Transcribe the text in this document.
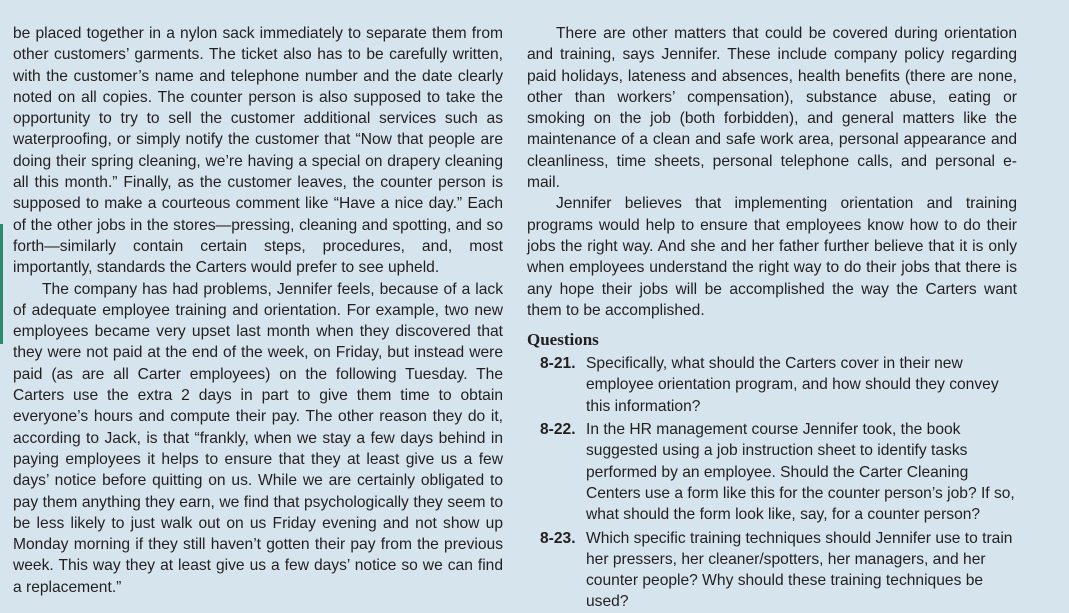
be placed together in a nylon sack immediately to separate them from other customers’ garments. The ticket also has to be carefully written, with the customer’s name and telephone number and the date clearly noted on all copies. The counter person is also supposed to take the opportunity to try to sell the customer additional services such as waterproofing, or simply notify the customer that “Now that people are doing their spring cleaning, we’re having a special on drapery cleaning all this month.” Finally, as the customer leaves, the counter person is supposed to make a courteous comment like “Have a nice day.” Each of the other jobs in the stores—pressing, cleaning and spotting, and so forth—similarly contain certain steps, procedures, and, most importantly, standards the Carters would prefer to see upheld.

The company has had problems, Jennifer feels, because of a lack of adequate employee training and orientation. For example, two new employees became very upset last month when they discovered that they were not paid at the end of the week, on Friday, but instead were paid (as are all Carter employees) on the following Tuesday. The Carters use the extra 2 days in part to give them time to obtain everyone’s hours and compute their pay. The other reason they do it, according to Jack, is that “frankly, when we stay a few days behind in paying employees it helps to ensure that they at least give us a few days’ notice before quitting on us. While we are certainly obligated to pay them anything they earn, we find that psychologically they seem to be less likely to just walk out on us Friday evening and not show up Monday morning if they still haven’t gotten their pay from the previous week. This way they at least give us a few days’ notice so we can find a replacement.”

There are other matters that could be covered during orientation and training, says Jennifer. These include company policy regarding paid holidays, lateness and absences, health benefits (there are none, other than workers’ compensation), substance abuse, eating or smoking on the job (both forbidden), and general matters like the maintenance of a clean and safe work area, personal appearance and cleanliness, time sheets, personal telephone calls, and personal e-mail.

Jennifer believes that implementing orientation and training programs would help to ensure that employees know how to do their jobs the right way. And she and her father further believe that it is only when employees understand the right way to do their jobs that there is any hope their jobs will be accomplished the way the Carters want them to be accomplished.

Questions
8-21. Specifically, what should the Carters cover in their new employee orientation program, and how should they convey this information?
8-22. In the HR management course Jennifer took, the book suggested using a job instruction sheet to identify tasks performed by an employee. Should the Carter Cleaning Centers use a form like this for the counter person’s job? If so, what should the form look like, say, for a counter person?
8-23. Which specific training techniques should Jennifer use to train her pressers, her cleaner/spotters, her managers, and her counter people? Why should these training techniques be used?
